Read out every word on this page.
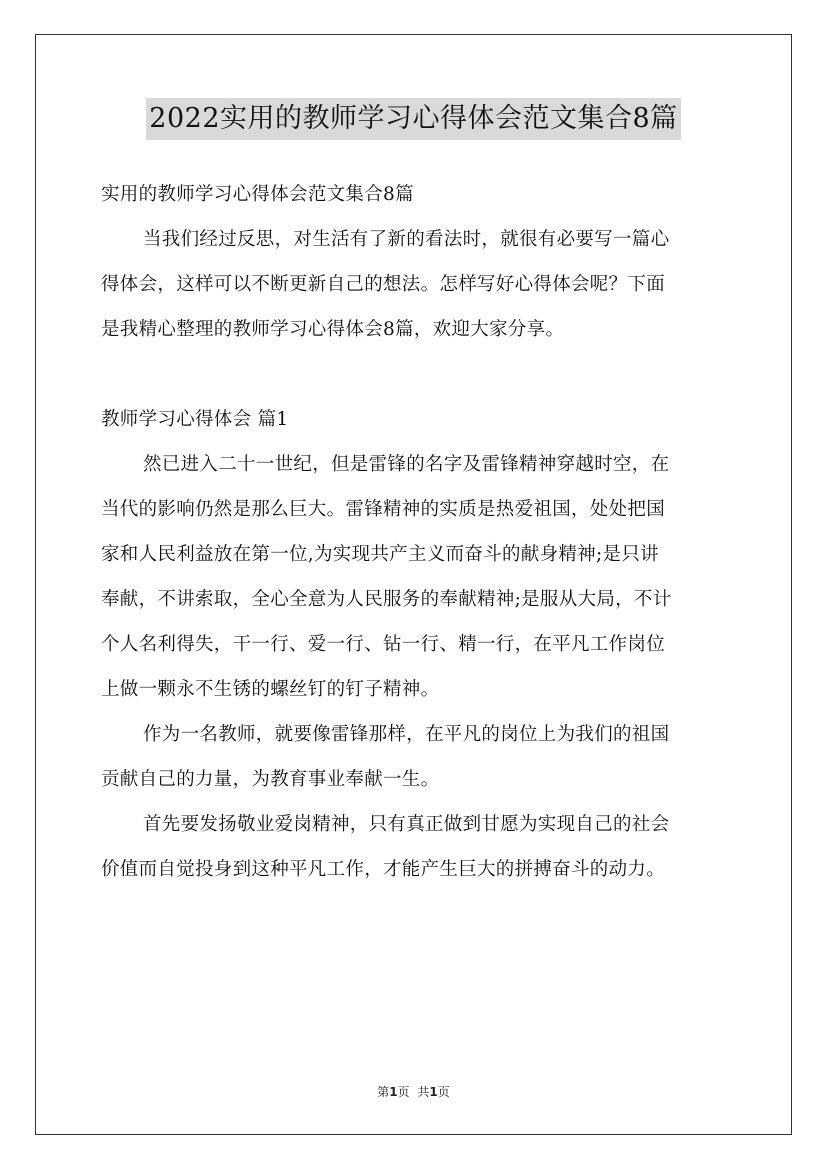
2022实用的教师学习心得体会范文集合8篇
实用的教师学习心得体会范文集合8篇
当我们经过反思，对生活有了新的看法时，就很有必要写一篇心
得体会，这样可以不断更新自己的想法。怎样写好心得体会呢？下面
是我精心整理的教师学习心得体会8篇，欢迎大家分享。
教师学习心得体会 篇1
然已进入二十一世纪，但是雷锋的名字及雷锋精神穿越时空，在
当代的影响仍然是那么巨大。雷锋精神的实质是热爱祖国，处处把国
家和人民利益放在第一位,为实现共产主义而奋斗的献身精神;是只讲
奉献，不讲索取，全心全意为人民服务的奉献精神;是服从大局，不计
个人名利得失，干一行、爱一行、钻一行、精一行，在平凡工作岗位
上做一颗永不生锈的螺丝钉的钉子精神。
作为一名教师，就要像雷锋那样，在平凡的岗位上为我们的祖国
贡献自己的力量，为教育事业奉献一生。
首先要发扬敬业爱岗精神，只有真正做到甘愿为实现自己的社会
价值而自觉投身到这种平凡工作，才能产生巨大的拼搏奋斗的动力。
第1页 共1页
